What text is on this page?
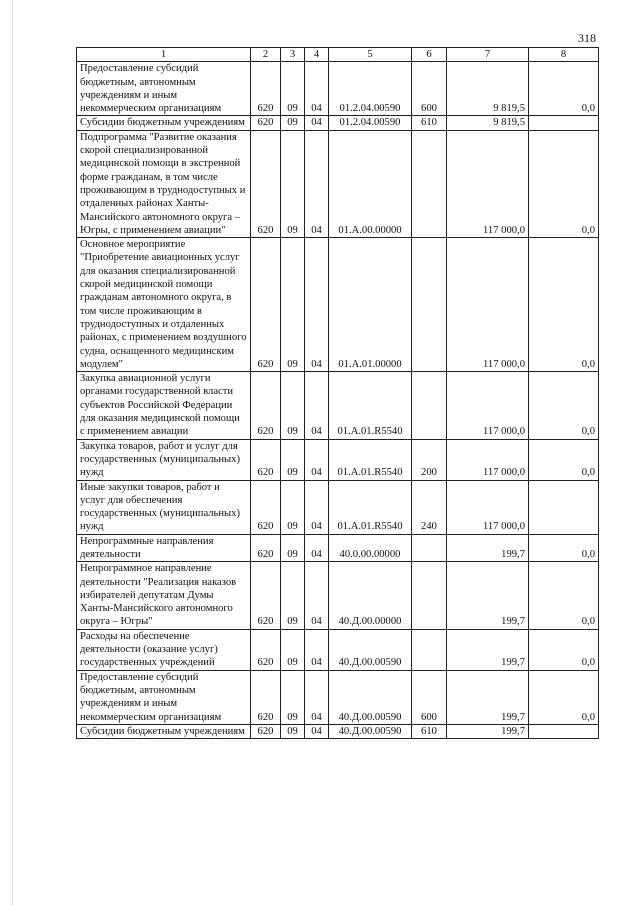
318
1	2	3	4	5	6	7	8
Предоставление субсидий бюджетным, автономным учреждениям и иным некоммерческим организациям	620	09	04	01.2.04.00590	600	9 819,5	0,0
Субсидии бюджетным учреждениям	620	09	04	01.2.04.00590	610	9 819,5	
Подпрограмма "Развитие оказания скорой специализированной медицинской помощи в экстренной форме гражданам, в том числе проживающим в труднодоступных и отдаленных районах Ханты-Мансийского автономного округа – Югры, с применением авиации"	620	09	04	01.А.00.00000		117 000,0	0,0
Основное мероприятие "Приобретение авиационных услуг для оказания специализированной скорой медицинской помощи гражданам автономного округа, в том числе проживающим в труднодоступных и отдаленных районах, с применением воздушного судна, оснащенного медицинским модулем"	620	09	04	01.А.01.00000		117 000,0	0,0
Закупка авиационной услуги органами государственной власти субъектов Российской Федерации для оказания медицинской помощи с применением авиации	620	09	04	01.А.01.R5540		117 000,0	0,0
Закупка товаров, работ и услуг для государственных (муниципальных) нужд	620	09	04	01.А.01.R5540	200	117 000,0	0,0
Иные закупки товаров, работ и услуг для обеспечения государственных (муниципальных) нужд	620	09	04	01.А.01.R5540	240	117 000,0	
Непрограммные направления деятельности	620	09	04	40.0.00.00000		199,7	0,0
Непрограммное направление деятельности "Реализация наказов избирателей депутатам Думы Ханты-Мансийского автономного округа – Югры"	620	09	04	40.Д.00.00000		199,7	0,0
Расходы на обеспечение деятельности (оказание услуг) государственных учреждений	620	09	04	40.Д.00.00590		199,7	0,0
Предоставление субсидий бюджетным, автономным учреждениям и иным некоммерческим организациям	620	09	04	40.Д.00.00590	600	199,7	0,0
Субсидии бюджетным учреждениям	620	09	04	40.Д.00.00590	610	199,7	
